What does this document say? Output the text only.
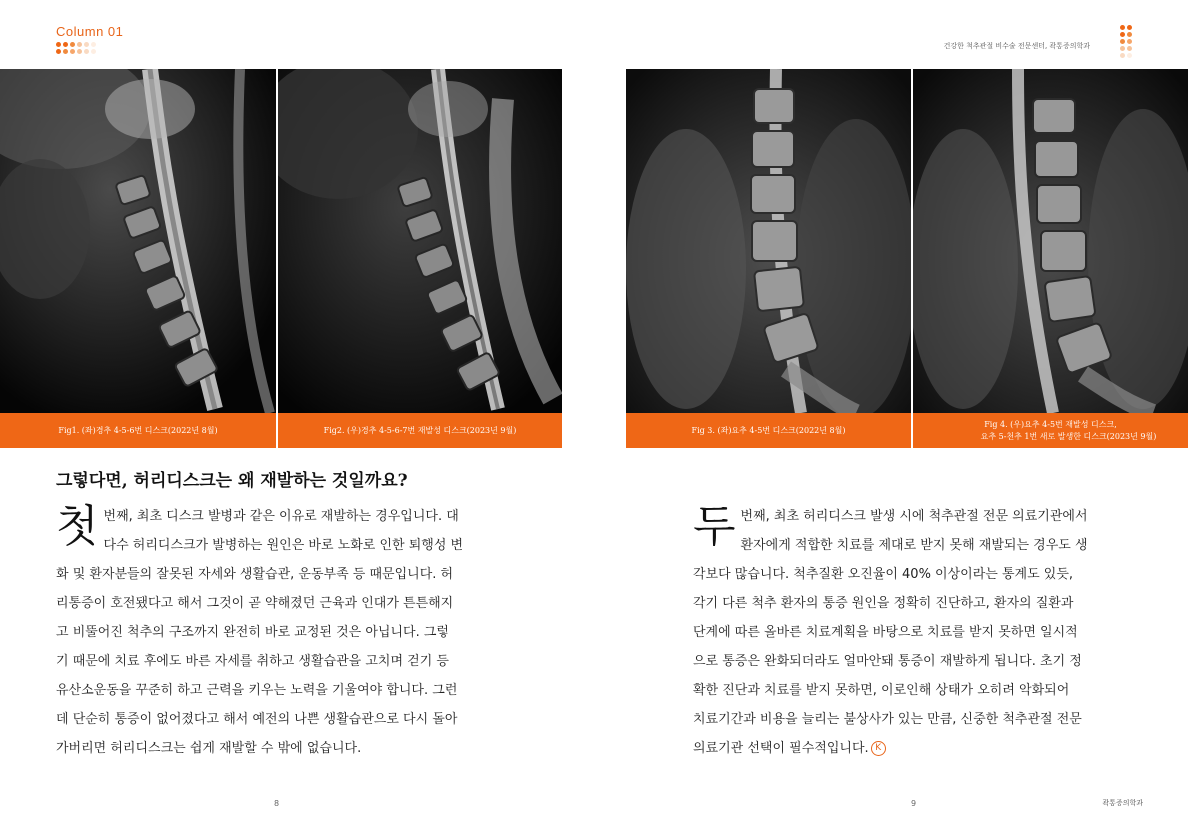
Column 01
건강한 척추관절 비수술 전문센터, 곽통증의학과
Fig1. (좌)경추 4-5-6번 디스크(2022년 8월)	Fig2. (우)경추 4-5-6-7번 재발성 디스크(2023년 9월)	Fig 3. (좌)요추 4-5번 디스크(2022년 8월)
Fig 4. (우)요추 4-5번 재발성 디스크,
요추 5-천추 1번 새로 발생한 디스크(2023년 9월)
그렇다면, 허리디스크는 왜 재발하는 것일까요?
첫 번째, 최초 디스크 발병과 같은 이유로 재발하는 경우입니다. 대
다수 허리디스크가 발병하는 원인은 바로 노화로 인한 퇴행성 변
화 및 환자분들의 잘못된 자세와 생활습관, 운동부족 등 때문입니다. 허
리통증이 호전됐다고 해서 그것이 곧 약해졌던 근육과 인대가 튼튼해지
고 비뚤어진 척추의 구조까지 완전히 바로 교정된 것은 아닙니다. 그렇
기 때문에 치료 후에도 바른 자세를 취하고 생활습관을 고치며 걷기 등
유산소운동을 꾸준히 하고 근력을 키우는 노력을 기울여야 합니다. 그런
데 단순히 통증이 없어졌다고 해서 예전의 나쁜 생활습관으로 다시 돌아
가버리면 허리디스크는 쉽게 재발할 수 밖에 없습니다.
두 번째, 최초 허리디스크 발생 시에 척추관절 전문 의료기관에서
환자에게 적합한 치료를 제대로 받지 못해 재발되는 경우도 생
각보다 많습니다. 척추질환 오진율이 40% 이상이라는 통계도 있듯,
각기 다른 척추 환자의 통증 원인을 정확히 진단하고, 환자의 질환과
단계에 따른 올바른 치료계획을 바탕으로 치료를 받지 못하면 일시적
으로 통증은 완화되더라도 얼마안돼 통증이 재발하게 됩니다. 초기 정
확한 진단과 치료를 받지 못하면, 이로인해 상태가 오히려 악화되어
치료기간과 비용을 늘리는 불상사가 있는 만큼, 신중한 척추관절 전문
의료기관 선택이 필수적입니다. K
8	9	곽통증의학과
